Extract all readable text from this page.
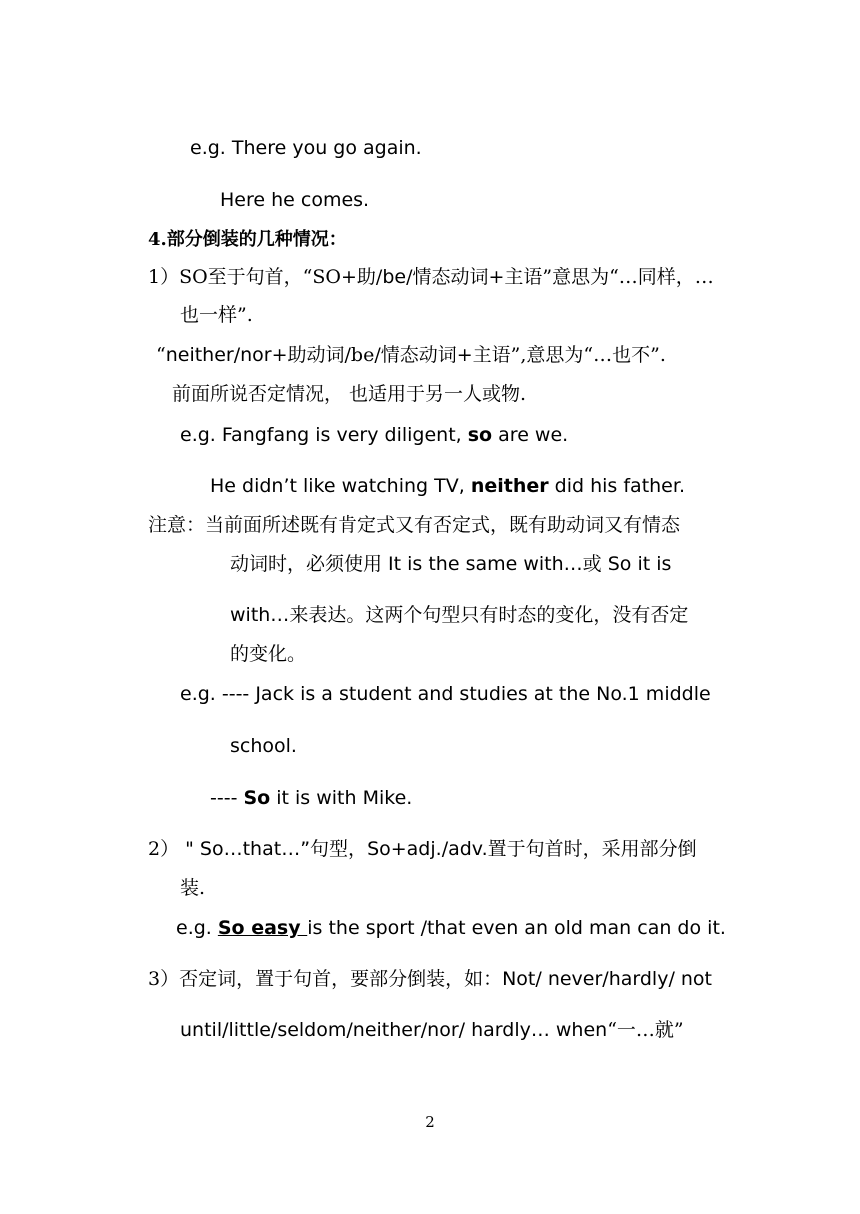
e.g. There you go again.
Here he comes.
4.部分倒装的几种情况：
1）SO至于句首，“SO+助/be/情态动词+主语”意思为“…同样，…
也一样”.
“neither/nor+助动词/be/情态动词+主语”,意思为“…也不”.
前面所说否定情况， 也适用于另一人或物.
e.g. Fangfang is very diligent, so are we.
He didn’t like watching TV, neither did his father.
注意：当前面所述既有肯定式又有否定式，既有助动词又有情态
动词时，必须使用 It is the same with…或 So it is
with…来表达。这两个句型只有时态的变化，没有否定
的变化。
e.g. ---- Jack is a student and studies at the No.1 middle
school.
---- So it is with Mike.
2） " So…that…”句型，So+adj./adv.置于句首时，采用部分倒
装.
e.g. So easy is the sport /that even an old man can do it.
3）否定词，置于句首，要部分倒装，如：Not/ never/hardly/ not
until/little/seldom/neither/nor/ hardly… when“一…就”
2
